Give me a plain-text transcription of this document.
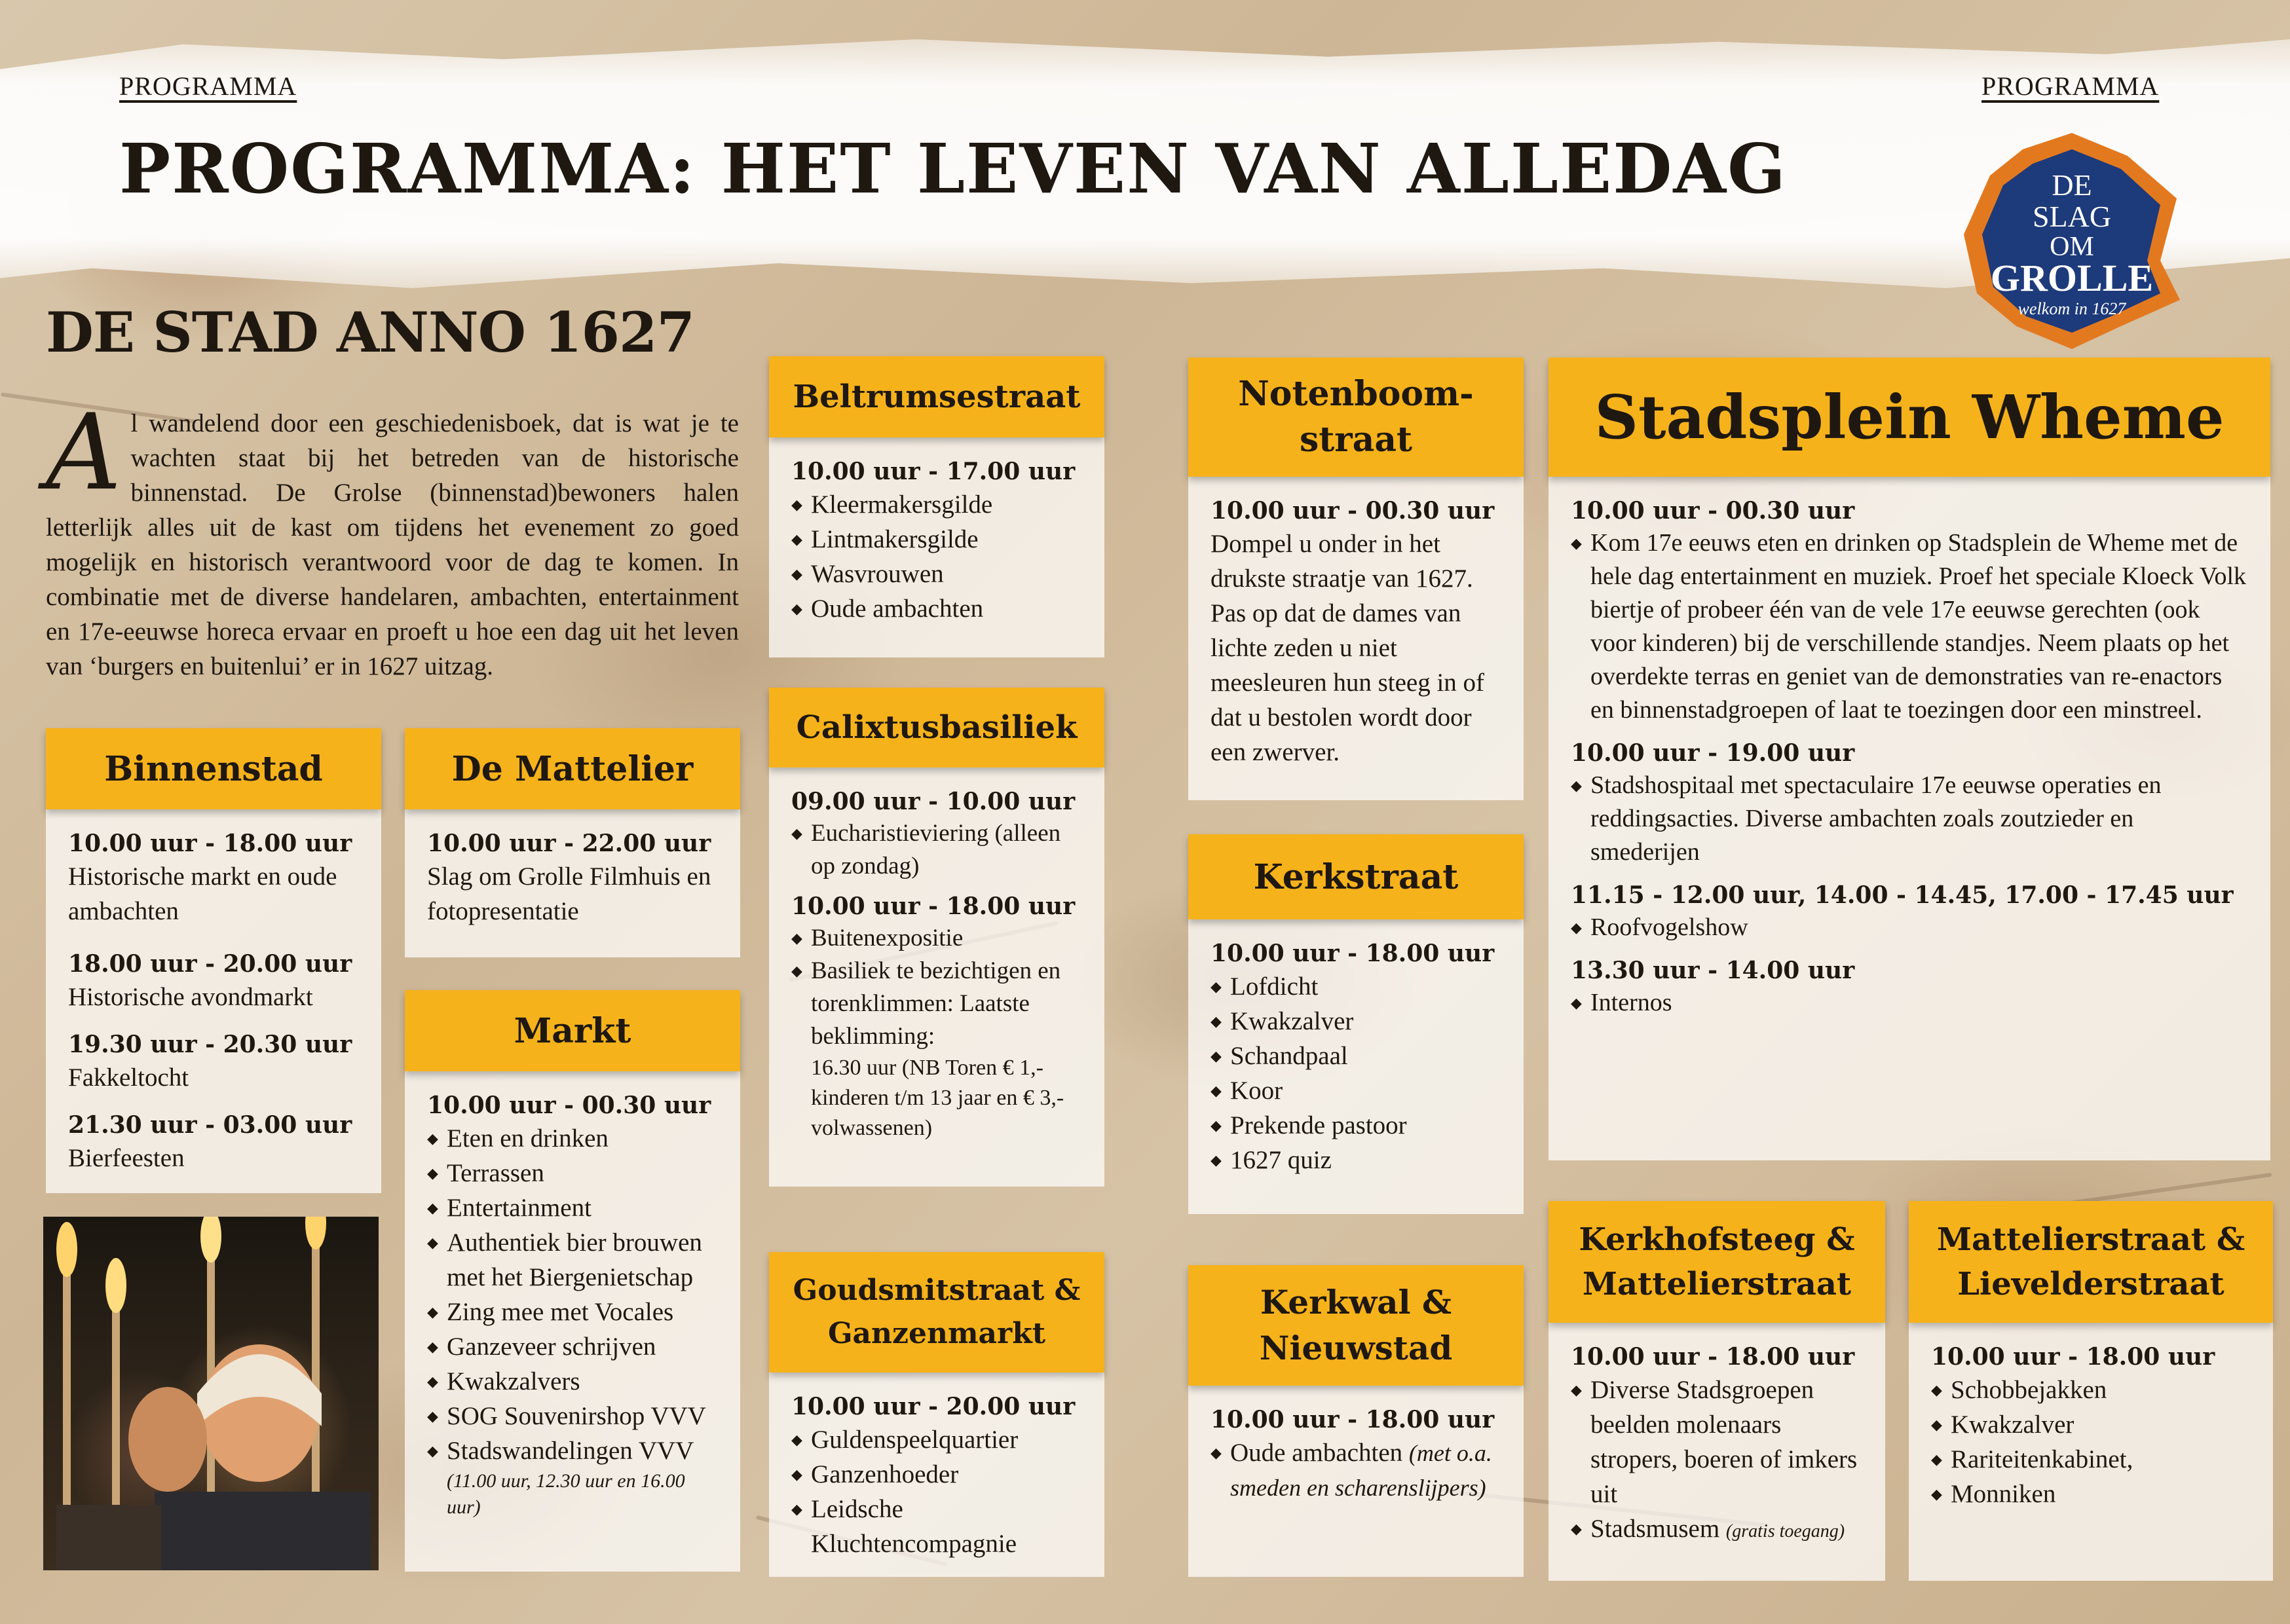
PROGRAMMA	PROGRAMMA
PROGRAMMA: HET LEVEN VAN ALLEDAG	DE
SLAG
OM
GROLLE
welkom in 1627
DE STAD ANNO 1627
A l wandelend door een geschiedenisboek, dat is wat je te wachten staat bij het betreden van de historische binnenstad. De Grolse (binnenstad)bewoners halen letterlijk alles uit de kast om tijdens het evenement zo goed mogelijk en historisch verantwoord voor de dag te komen. In combinatie met de diverse handelaren, ambachten, entertainment en 17e-eeuwse horeca ervaar en proeft u hoe een dag uit het leven van ‘burgers en buitenlui’ er in 1627 uitzag.
Binnenstad
10.00 uur - 18.00 uur
Historische markt en oude ambachten
18.00 uur - 20.00 uur
Historische avondmarkt
19.30 uur - 20.30 uur
Fakkeltocht
21.30 uur - 03.00 uur
Bierfeesten
De Mattelier
10.00 uur - 22.00 uur
Slag om Grolle Filmhuis en fotopresentatie
Markt
10.00 uur - 00.30 uur
◆ Eten en drinken
◆ Terrassen
◆ Entertainment
◆ Authentiek bier brouwen met het Biergenietschap
◆ Zing mee met Vocales
◆ Ganzeveer schrijven
◆ Kwakzalvers
◆ SOG Souvenirshop VVV
◆ Stadswandelingen VVV
(11.00 uur, 12.30 uur en 16.00 uur)
Beltrumsestraat
10.00 uur - 17.00 uur
◆ Kleermakersgilde
◆ Lintmakersgilde
◆ Wasvrouwen
◆ Oude ambachten
Calixtusbasiliek
09.00 uur - 10.00 uur
◆ Eucharistieviering (alleen op zondag)
10.00 uur - 18.00 uur
◆ Buitenexpositie
◆ Basiliek te bezichtigen en torenklimmen: Laatste beklimming:
16.30 uur (NB Toren € 1,- kinderen t/m 13 jaar en € 3,- volwassenen)
Goudsmitstraat & Ganzenmarkt
10.00 uur - 20.00 uur
◆ Guldenspeelquartier
◆ Ganzenhoeder
◆ Leidsche Kluchtencompagnie
Notenboom-straat
10.00 uur - 00.30 uur
Dompel u onder in het drukste straatje van 1627. Pas op dat de dames van lichte zeden u niet meesleuren hun steeg in of dat u bestolen wordt door een zwerver.
Kerkstraat
10.00 uur - 18.00 uur
◆ Lofdicht
◆ Kwakzalver
◆ Schandpaal
◆ Koor
◆ Prekende pastoor
◆ 1627 quiz
Kerkwal & Nieuwstad
10.00 uur - 18.00 uur
◆ Oude ambachten (met o.a. smeden en scharenslijpers)
Stadsplein Wheme
10.00 uur - 00.30 uur
◆ Kom 17e eeuws eten en drinken op Stadsplein de Wheme met de hele dag entertainment en muziek. Proef het speciale Kloeck Volk biertje of probeer één van de vele 17e eeuwse gerechten (ook voor kinderen) bij de verschillende standjes. Neem plaats op het overdekte terras en geniet van de demonstraties van re-enactors en binnenstadgroepen of laat te toezingen door een minstreel.
10.00 uur - 19.00 uur
◆ Stadshospitaal met spectaculaire 17e eeuwse operaties en reddingsacties. Diverse ambachten zoals zoutzieder en smederijen
11.15 - 12.00 uur, 14.00 - 14.45, 17.00 - 17.45 uur
◆ Roofvogelshow
13.30 uur - 14.00 uur
◆ Internos
Kerkhofsteeg & Mattelierstraat
10.00 uur - 18.00 uur
◆ Diverse Stadsgroepen beelden molenaars stropers, boeren of imkers uit
◆ Stadsmusem (gratis toegang)
Mattelierstraat & Lievelderstraat
10.00 uur - 18.00 uur
◆ Schobbejakken
◆ Kwakzalver
◆ Rariteitenkabinet,
◆ Monniken
